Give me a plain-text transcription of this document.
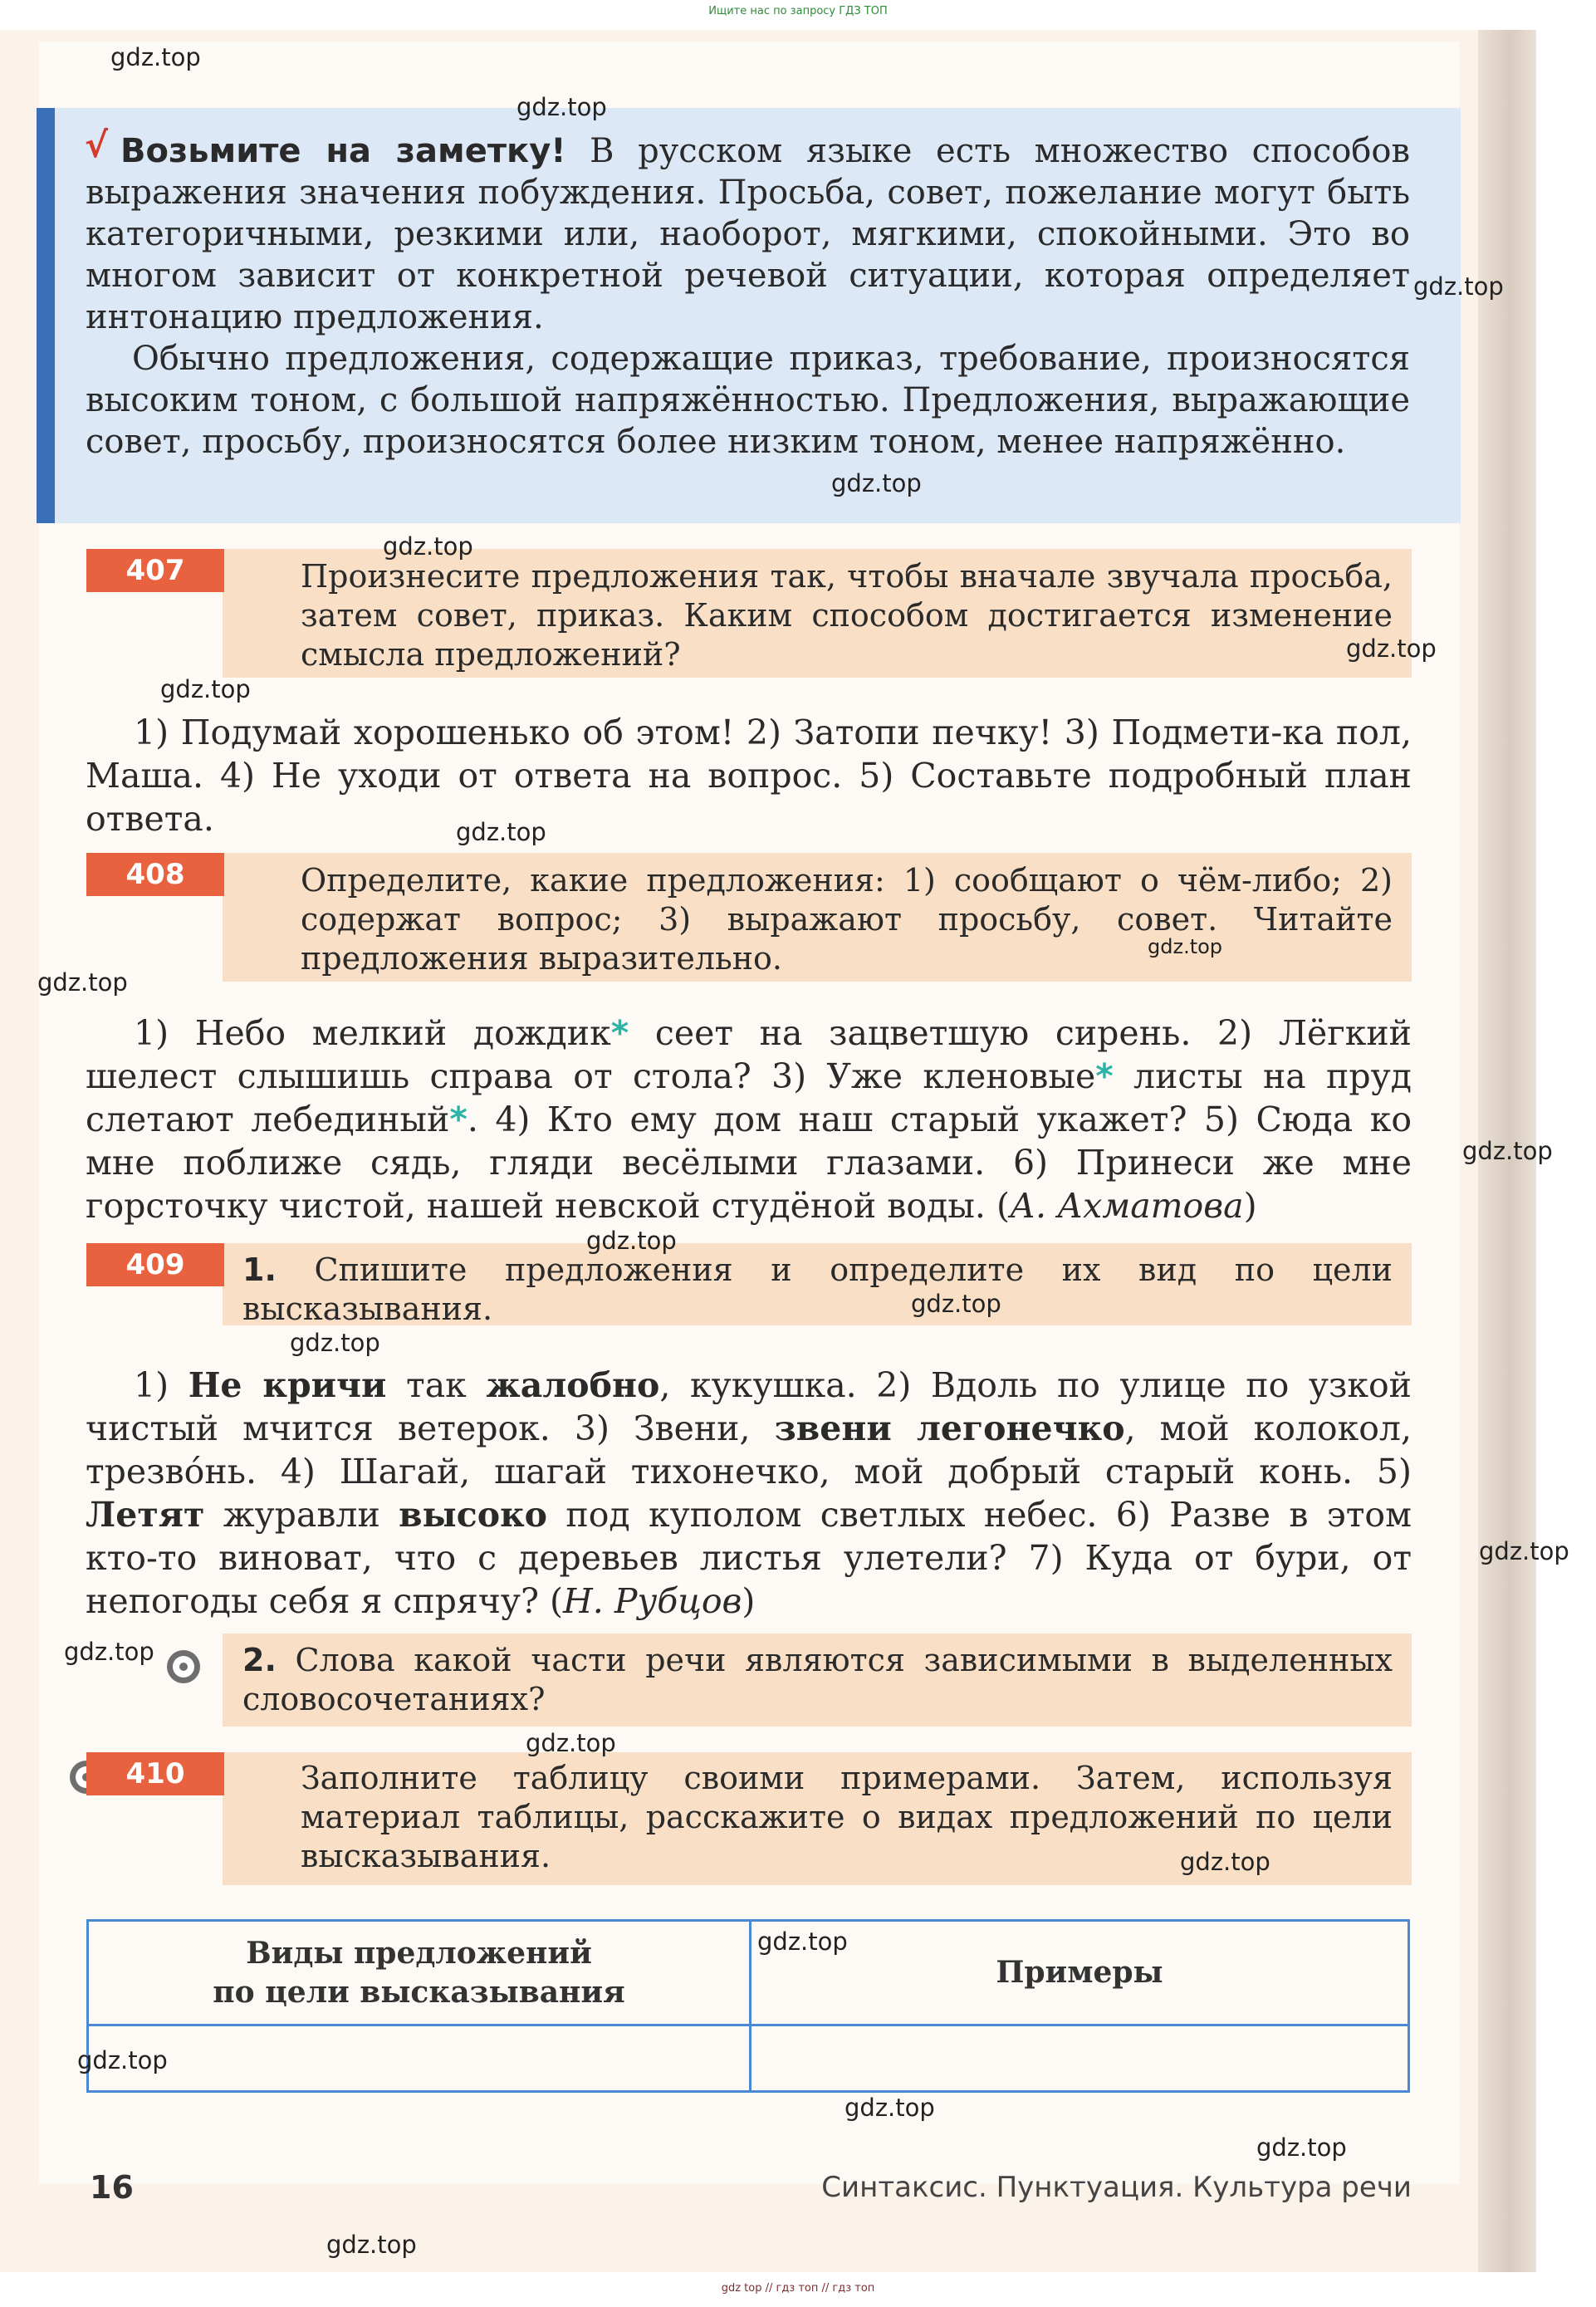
Ищите нас по запросу ГДЗ ТОП
√ Возьмите на заметку! В русском языке есть множество способов выражения значения побуждения. Просьба, совет, пожелание могут быть категоричными, резкими или, наоборот, мягкими, спокойными. Это во многом зависит от конкретной речевой ситуации, которая определяет интонацию предложения.
Обычно предложения, содержащие приказ, требование, произносятся высоким тоном, с большой напряжённостью. Предложения, выражающие совет, просьбу, произносятся более низким тоном, менее напряжённо.
407	Произнесите предложения так, чтобы вначале звучала просьба, затем совет, приказ. Каким способом достигается изменение смысла предложений?
1) Подумай хорошенько об этом! 2) Затопи печку! 3) Подмети-ка пол, Маша. 4) Не уходи от ответа на вопрос. 5) Составьте подробный план ответа.
408	Определите, какие предложения: 1) сообщают о чём-либо; 2) содержат вопрос; 3) выражают просьбу, совет. Читайте предложения выразительно.
1) Небо мелкий дождик* сеет на зацветшую сирень. 2) Лёгкий шелест слышишь справа от стола? 3) Уже кленовые* листы на пруд слетают лебединый*. 4) Кто ему дом наш старый укажет? 5) Сюда ко мне поближе сядь, гляди весёлыми глазами. 6) Принеси же мне горсточку чистой, нашей невской студёной воды. (А. Ахматова)
409	1. Спишите предложения и определите их вид по цели высказывания.
1) Не кричи так жалобно, кукушка. 2) Вдоль по улице по узкой чистый мчится ветерок. 3) Звени, звени легонечко, мой колокол, трезво́нь. 4) Шагай, шагай тихонечко, мой добрый старый конь. 5) Летят журавли высоко под куполом светлых небес. 6) Разве в этом кто-то виноват, что с деревьев листья улетели? 7) Куда от бури, от непогоды себя я спрячу? (Н. Рубцов)
2. Слова какой части речи являются зависимыми в выделенных словосочетаниях?
410	Заполните таблицу своими примерами. Затем, используя материал таблицы, расскажите о видах предложений по цели высказывания.
Виды предложений
по цели высказывания	Примеры

16	Синтаксис. Пунктуация. Культура речи
gdz.top
gdz.top
gdz.top
gdz.top
gdz.top
gdz.top
gdz.top
gdz.top
gdz.top
gdz.top
gdz.top
gdz.top
gdz.top
gdz.top
gdz.top
gdz.top
gdz.top
gdz.top
gdz.top
gdz.top
gdz.top
gdz.top
gdz.top
gdz top // гдз топ // гдз топ
